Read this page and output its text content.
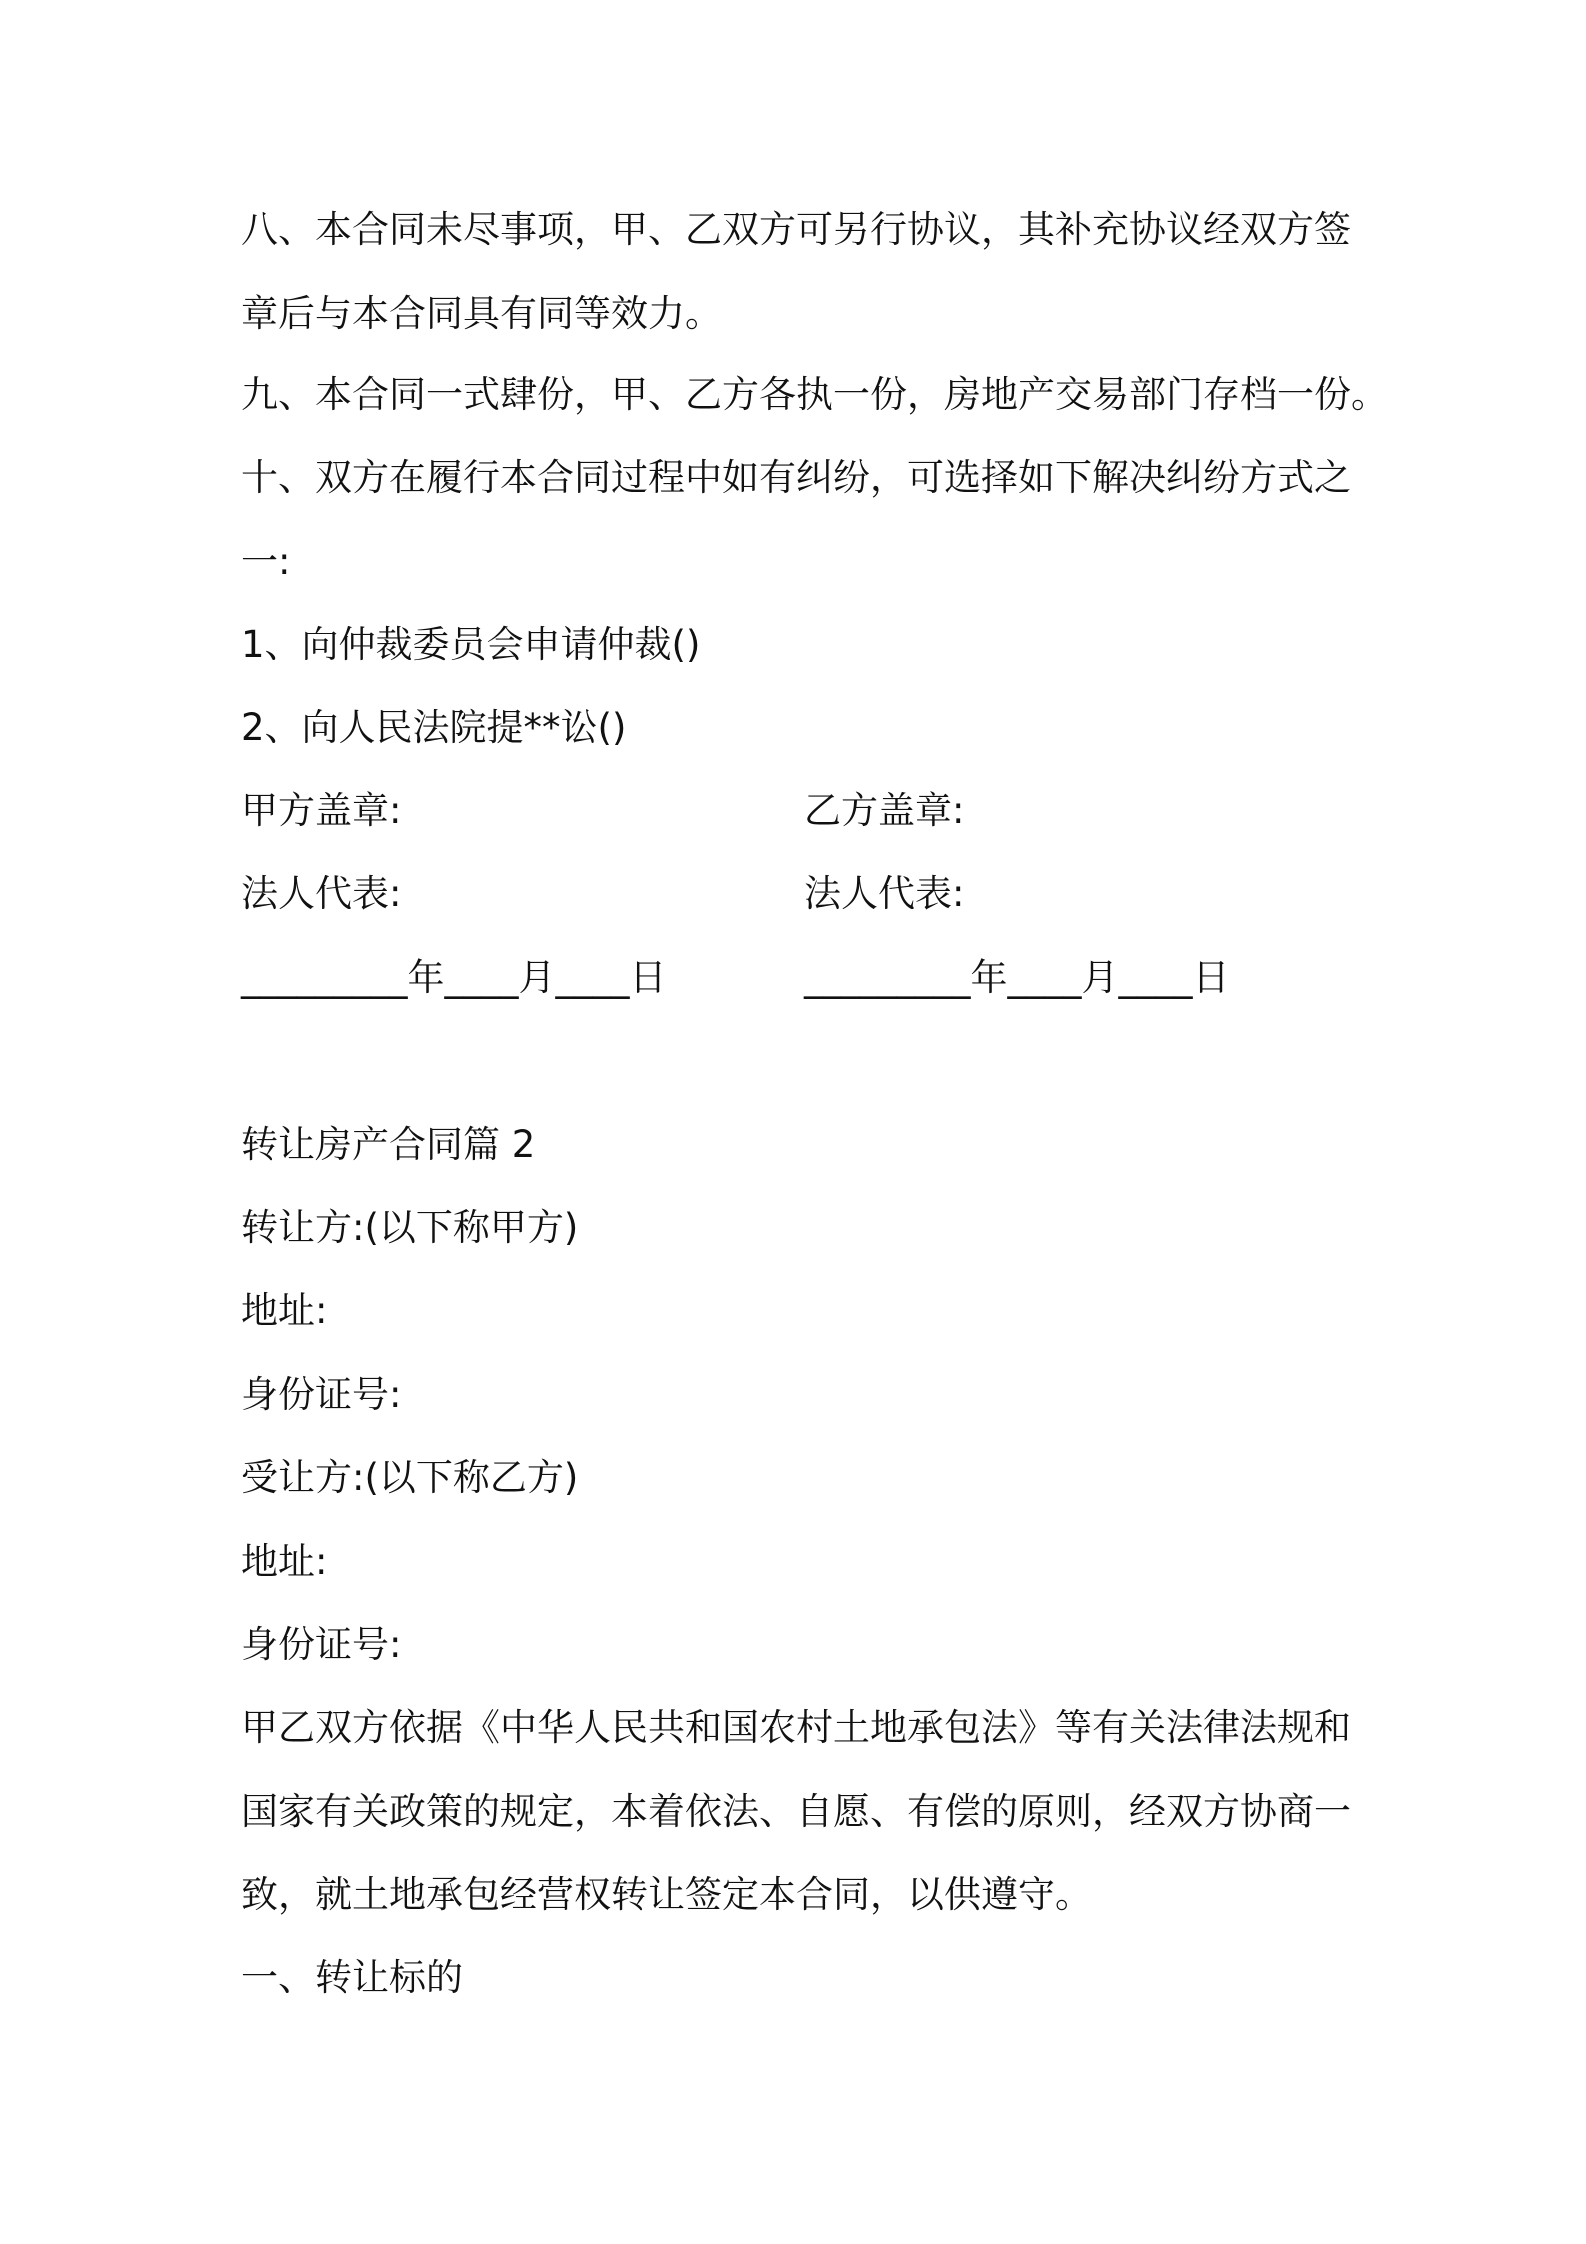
八、本合同未尽事项，甲、乙双方可另行协议，其补充协议经双方签
章后与本合同具有同等效力。
九、本合同一式肆份，甲、乙方各执一份，房地产交易部门存档一份。
十、双方在履行本合同过程中如有纠纷，可选择如下解决纠纷方式之
一:
1、向仲裁委员会申请仲裁()
2、向人民法院提**讼()
甲方盖章:	乙方盖章:
法人代表:	法人代表:
_________年____月____日	_________年____月____日
转让房产合同篇 2
转让方:(以下称甲方)
地址:
身份证号:
受让方:(以下称乙方)
地址:
身份证号:
甲乙双方依据《中华人民共和国农村土地承包法》等有关法律法规和
国家有关政策的规定，本着依法、自愿、有偿的原则，经双方协商一
致，就土地承包经营权转让签定本合同，以供遵守。
一、转让标的
